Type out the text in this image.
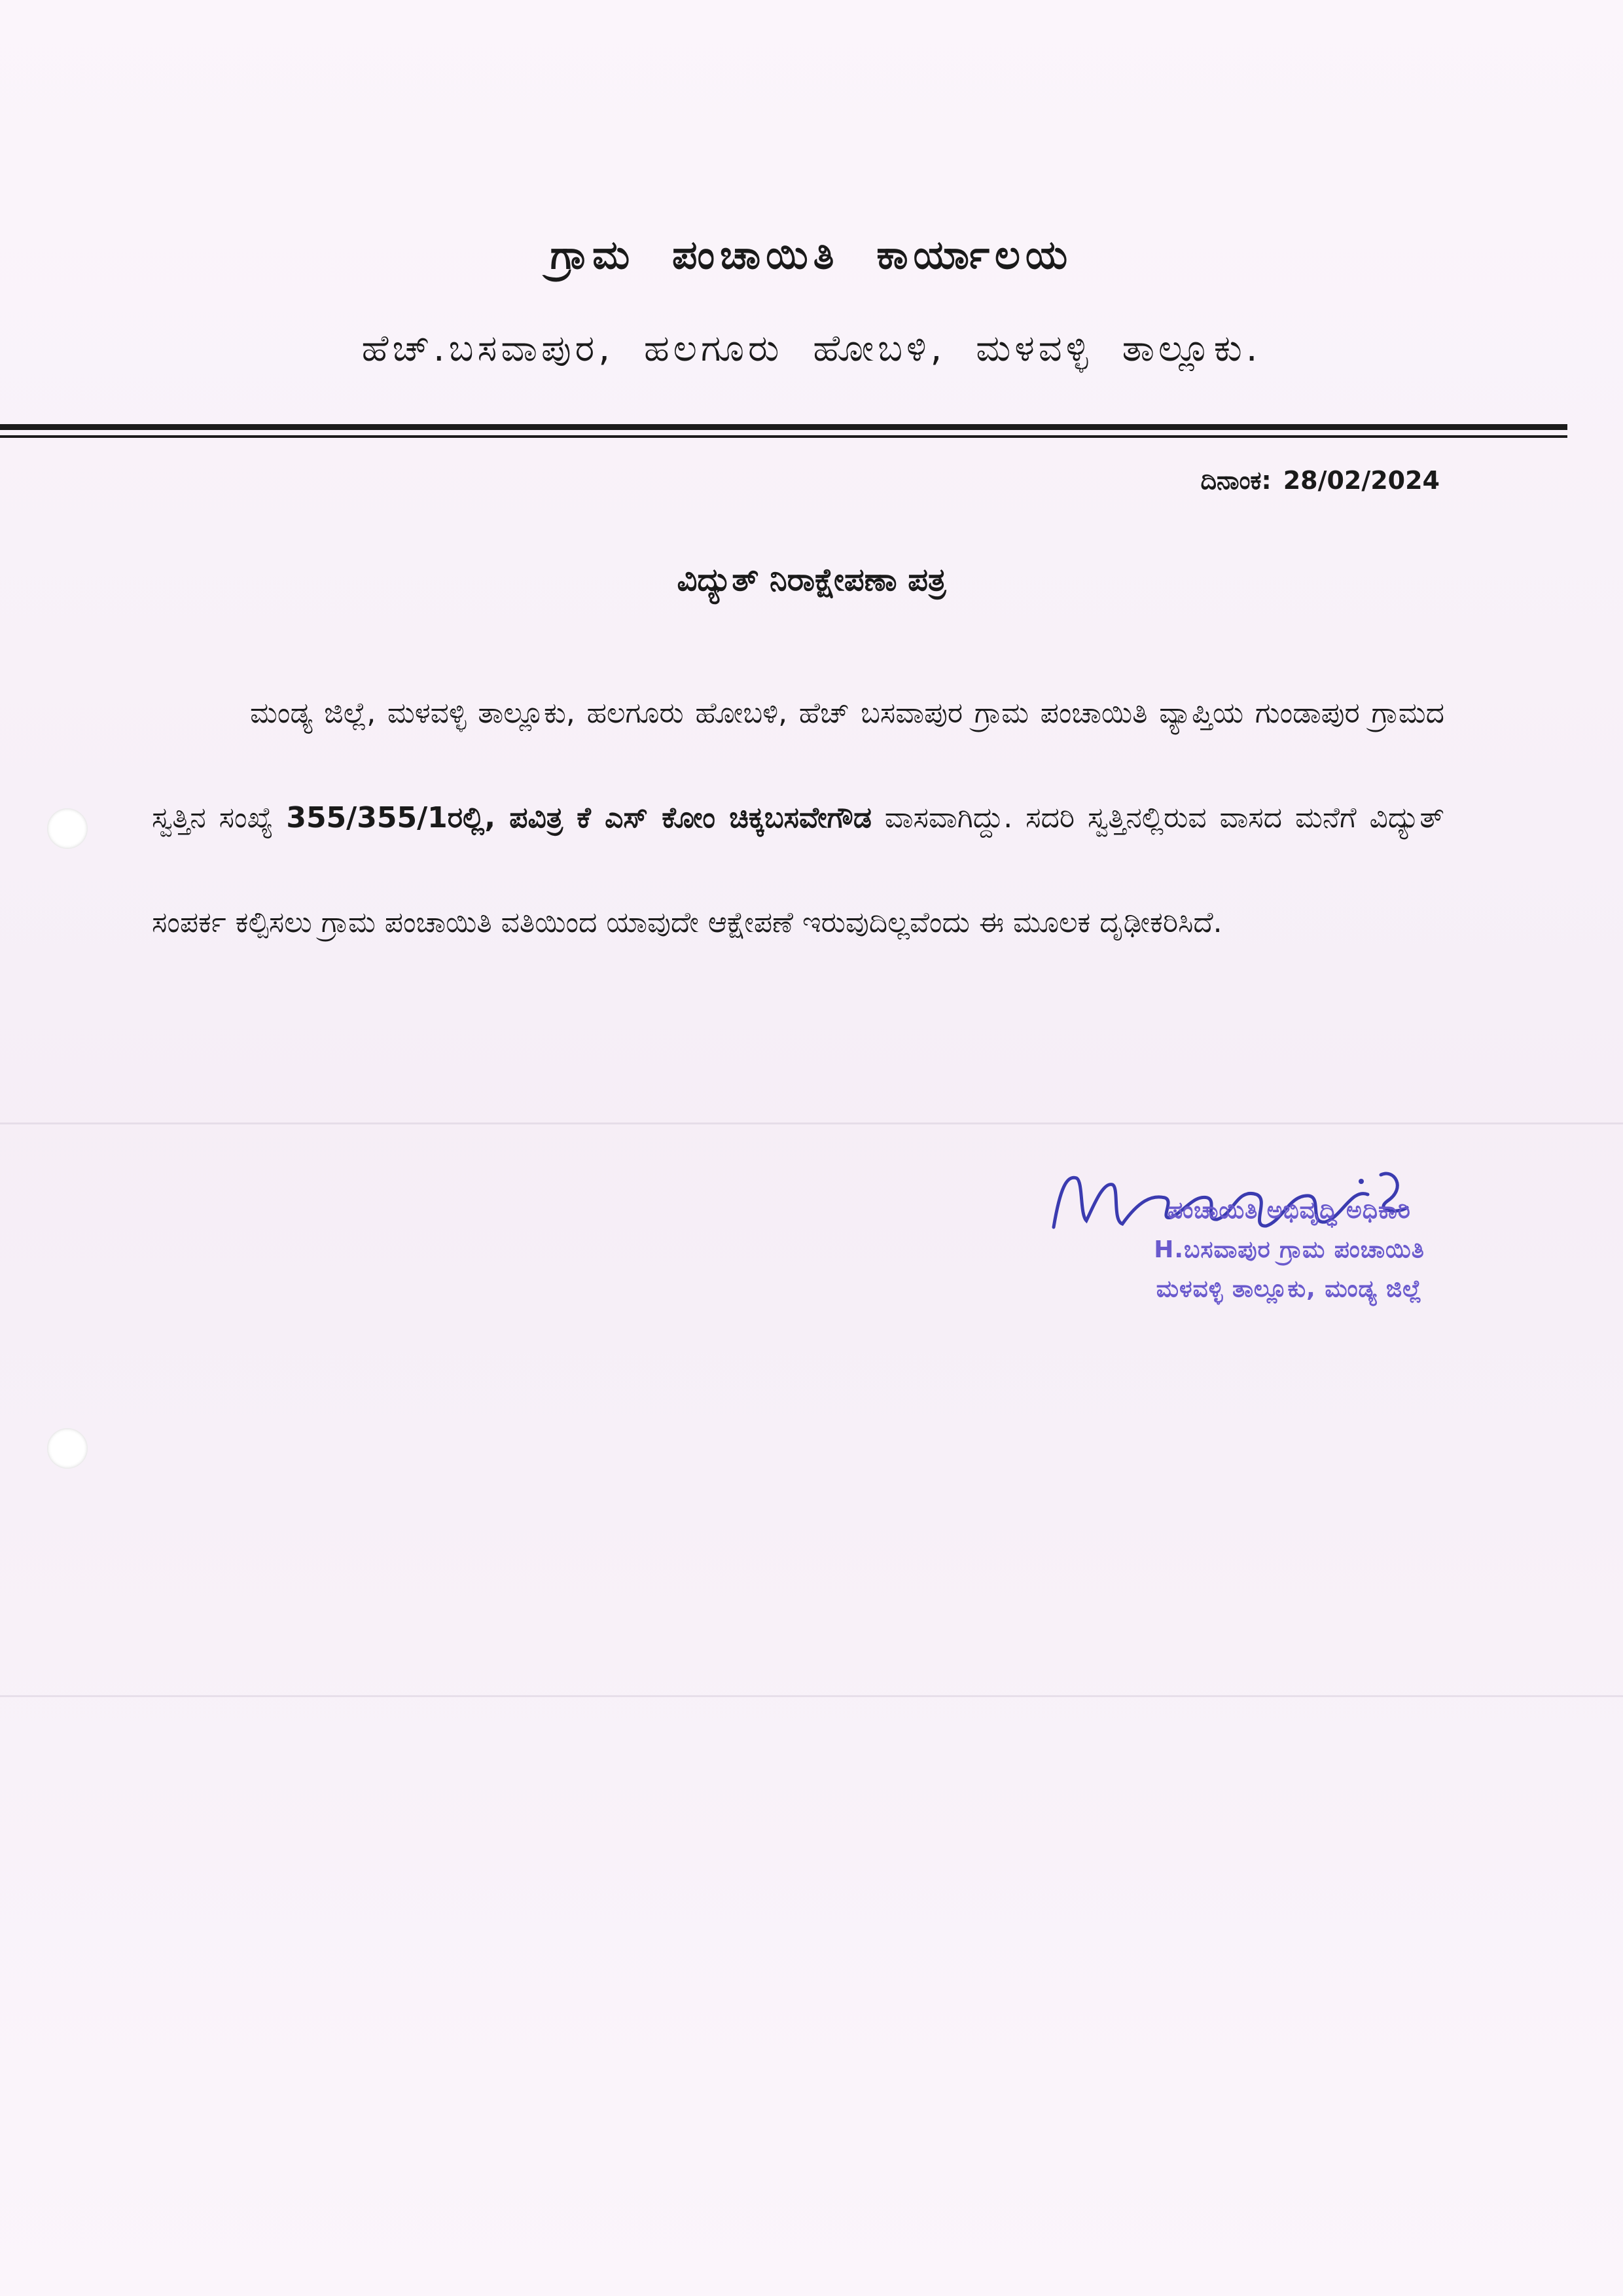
ಗ್ರಾಮ ಪಂಚಾಯಿತಿ ಕಾರ್ಯಾಲಯ
ಹೆಚ್.ಬಸವಾಪುರ, ಹಲಗೂರು ಹೋಬಳಿ, ಮಳವಳ್ಳಿ ತಾಲ್ಲೂಕು.
ದಿನಾಂಕ: 28/02/2024
ವಿದ್ಯುತ್ ನಿರಾಕ್ಷೇಪಣಾ ಪತ್ರ

ಮಂಡ್ಯ ಜಿಲ್ಲೆ, ಮಳವಳ್ಳಿ ತಾಲ್ಲೂಕು, ಹಲಗೂರು ಹೋಬಳಿ, ಹೆಚ್ ಬಸವಾಪುರ ಗ್ರಾಮ ಪಂಚಾಯಿತಿ ವ್ಯಾಪ್ತಿಯ ಗುಂಡಾಪುರ ಗ್ರಾಮದ ಸ್ವತ್ತಿನ ಸಂಖ್ಯೆ 355/355/1ರಲ್ಲಿ, ಪವಿತ್ರ ಕೆ ಎಸ್ ಕೋಂ ಚಿಕ್ಕಬಸವೇಗೌಡ ವಾಸವಾಗಿದ್ದು. ಸದರಿ ಸ್ವತ್ತಿನಲ್ಲಿರುವ ವಾಸದ ಮನೆಗೆ ವಿದ್ಯುತ್ ಸಂಪರ್ಕ ಕಲ್ಪಿಸಲು ಗ್ರಾಮ ಪಂಚಾಯಿತಿ ವತಿಯಿಂದ ಯಾವುದೇ ಆಕ್ಷೇಪಣೆ ಇರುವುದಿಲ್ಲವೆಂದು ಈ ಮೂಲಕ ದೃಢೀಕರಿಸಿದೆ.

ಪಂಚಾಯಿತಿ ಅಭಿವೃದ್ಧಿ ಅಧಿಕಾರಿ
H.ಬಸವಾಪುರ ಗ್ರಾಮ ಪಂಚಾಯಿತಿ
ಮಳವಳ್ಳಿ ತಾಲ್ಲೂಕು, ಮಂಡ್ಯ ಜಿಲ್ಲೆ
